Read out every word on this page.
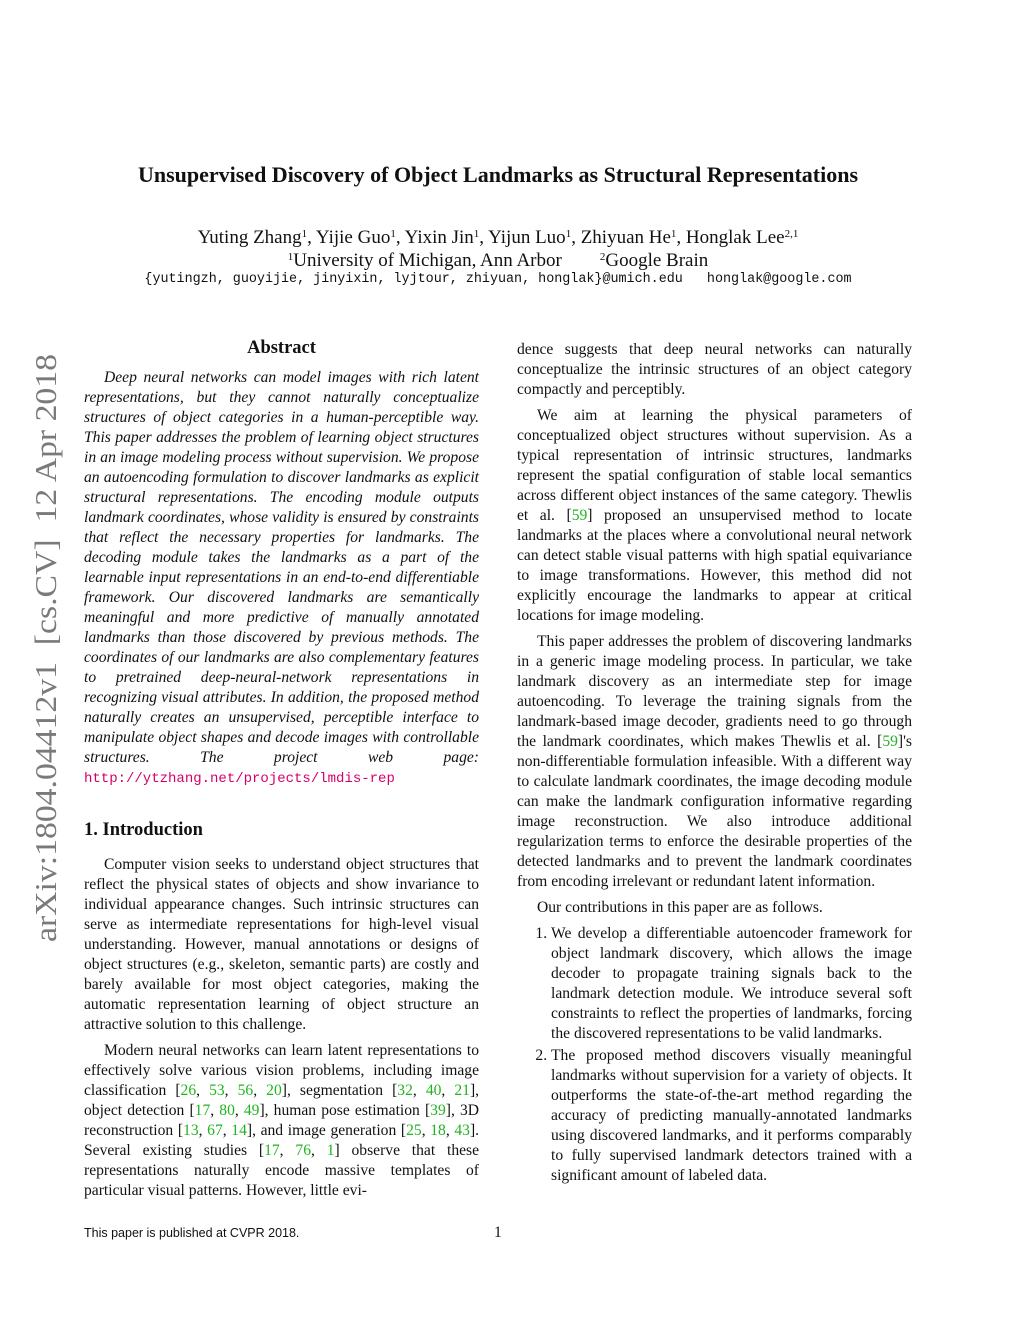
Unsupervised Discovery of Object Landmarks as Structural Representations
Yuting Zhang$^1$, Yijie Guo$^1$, Yixin Jin$^1$, Yijun Luo$^1$, Zhiyuan He$^1$, Honglak Lee$^{2,1}$
$^1$University of Michigan, Ann Arbor	$^2$Google Brain
{yutingzh, guoyijie, jinyixin, lyjtour, zhiyuan, honglak}@umich.edu honglak@google.com
arXiv:1804.04412v1  [cs.CV]  12 Apr 2018
Abstract

Deep neural networks can model images with rich latent representations, but they cannot naturally conceptualize structures of object categories in a human-perceptible way. This paper addresses the problem of learning object structures in an image modeling process without supervision. We propose an autoencoding formulation to discover landmarks as explicit structural representations. The encoding module outputs landmark coordinates, whose validity is ensured by constraints that reflect the necessary properties for landmarks. The decoding module takes the landmarks as a part of the learnable input representations in an end-to-end differentiable framework. Our discovered landmarks are semantically meaningful and more predictive of manually annotated landmarks than those discovered by previous methods. The coordinates of our landmarks are also complementary features to pretrained deep-neural-network representations in recognizing visual attributes. In addition, the proposed method naturally creates an unsupervised, perceptible interface to manipulate object shapes and decode images with controllable structures. The project web page: http://ytzhang.net/projects/lmdis-rep

1. Introduction

Computer vision seeks to understand object structures that reflect the physical states of objects and show invariance to individual appearance changes. Such intrinsic structures can serve as intermediate representations for high-level visual understanding. However, manual annotations or designs of object structures (e.g., skeleton, semantic parts) are costly and barely available for most object categories, making the automatic representation learning of object structure an attractive solution to this challenge.

Modern neural networks can learn latent representations to effectively solve various vision problems, including image classification [26, 53, 56, 20], segmentation [32, 40, 21], object detection [17, 80, 49], human pose estimation [39], 3D reconstruction [13, 67, 14], and image generation [25, 18, 43]. Several existing studies [17, 76, 1] observe that these representations naturally encode massive templates of particular visual patterns. However, little evi-

dence suggests that deep neural networks can naturally conceptualize the intrinsic structures of an object category compactly and perceptibly.

We aim at learning the physical parameters of conceptualized object structures without supervision. As a typical representation of intrinsic structures, landmarks represent the spatial configuration of stable local semantics across different object instances of the same category. Thewlis et al. [59] proposed an unsupervised method to locate landmarks at the places where a convolutional neural network can detect stable visual patterns with high spatial equivariance to image transformations. However, this method did not explicitly encourage the landmarks to appear at critical locations for image modeling.

This paper addresses the problem of discovering landmarks in a generic image modeling process. In particular, we take landmark discovery as an intermediate step for image autoencoding. To leverage the training signals from the landmark-based image decoder, gradients need to go through the landmark coordinates, which makes Thewlis et al. [59]'s non-differentiable formulation infeasible. With a different way to calculate landmark coordinates, the image decoding module can make the landmark configuration informative regarding image reconstruction. We also introduce additional regularization terms to enforce the desirable properties of the detected landmarks and to prevent the landmark coordinates from encoding irrelevant or redundant latent information.

Our contributions in this paper are as follows.

1. We develop a differentiable autoencoder framework for object landmark discovery, which allows the image decoder to propagate training signals back to the landmark detection module. We introduce several soft constraints to reflect the properties of landmarks, forcing the discovered representations to be valid landmarks.
2. The proposed method discovers visually meaningful landmarks without supervision for a variety of objects. It outperforms the state-of-the-art method regarding the accuracy of predicting manually-annotated landmarks using discovered landmarks, and it performs comparably to fully supervised landmark detectors trained with a significant amount of labeled data.
This paper is published at CVPR 2018.	1
